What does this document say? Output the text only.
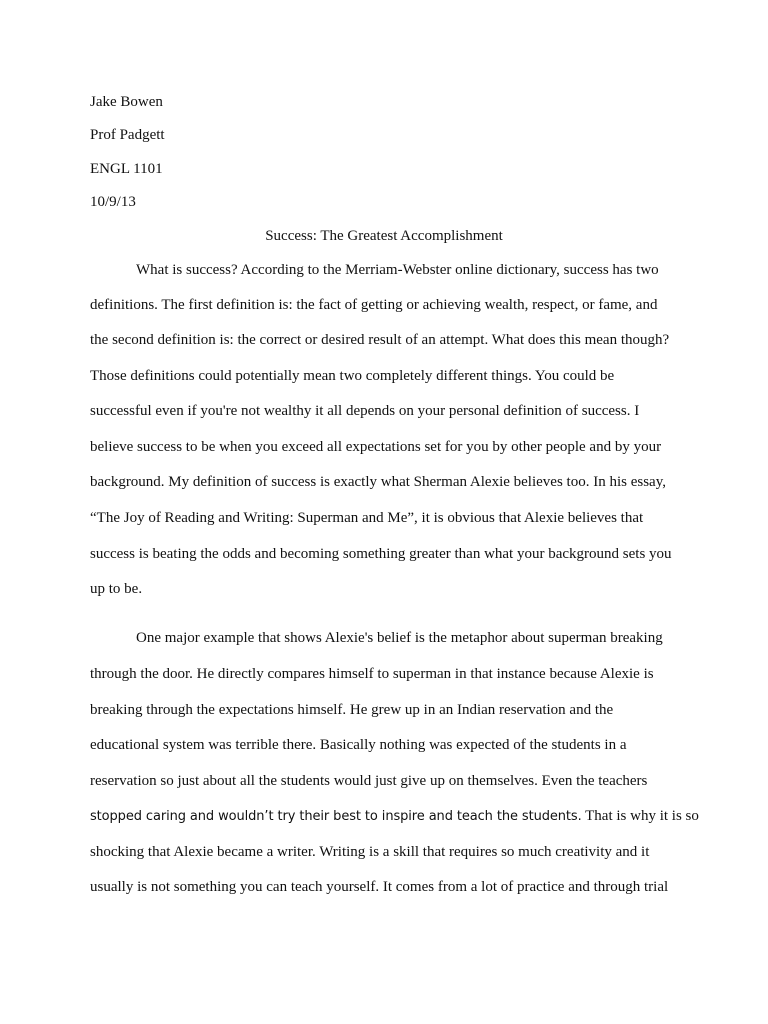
Jake Bowen
Prof Padgett
ENGL 1101
10/9/13
Success: The Greatest Accomplishment
What is success? According to the Merriam-Webster online dictionary, success has two
definitions. The first definition is: the fact of getting or achieving wealth, respect, or fame, and
the second definition is: the correct or desired result of an attempt. What does this mean though?
Those definitions could potentially mean two completely different things. You could be
successful even if you're not wealthy it all depends on your personal definition of success. I
believe success to be when you exceed all expectations set for you by other people and by your
background. My definition of success is exactly what Sherman Alexie believes too. In his essay,
“The Joy of Reading and Writing: Superman and Me”, it is obvious that Alexie believes that
success is beating the odds and becoming something greater than what your background sets you
up to be.
One major example that shows Alexie's belief is the metaphor about superman breaking
through the door. He directly compares himself to superman in that instance because Alexie is
breaking through the expectations himself. He grew up in an Indian reservation and the
educational system was terrible there. Basically nothing was expected of the students in a
reservation so just about all the students would just give up on themselves. Even the teachers
stopped caring and wouldn’t try their best to inspire and teach the students. That is why it is so
shocking that Alexie became a writer. Writing is a skill that requires so much creativity and it
usually is not something you can teach yourself. It comes from a lot of practice and through trial
